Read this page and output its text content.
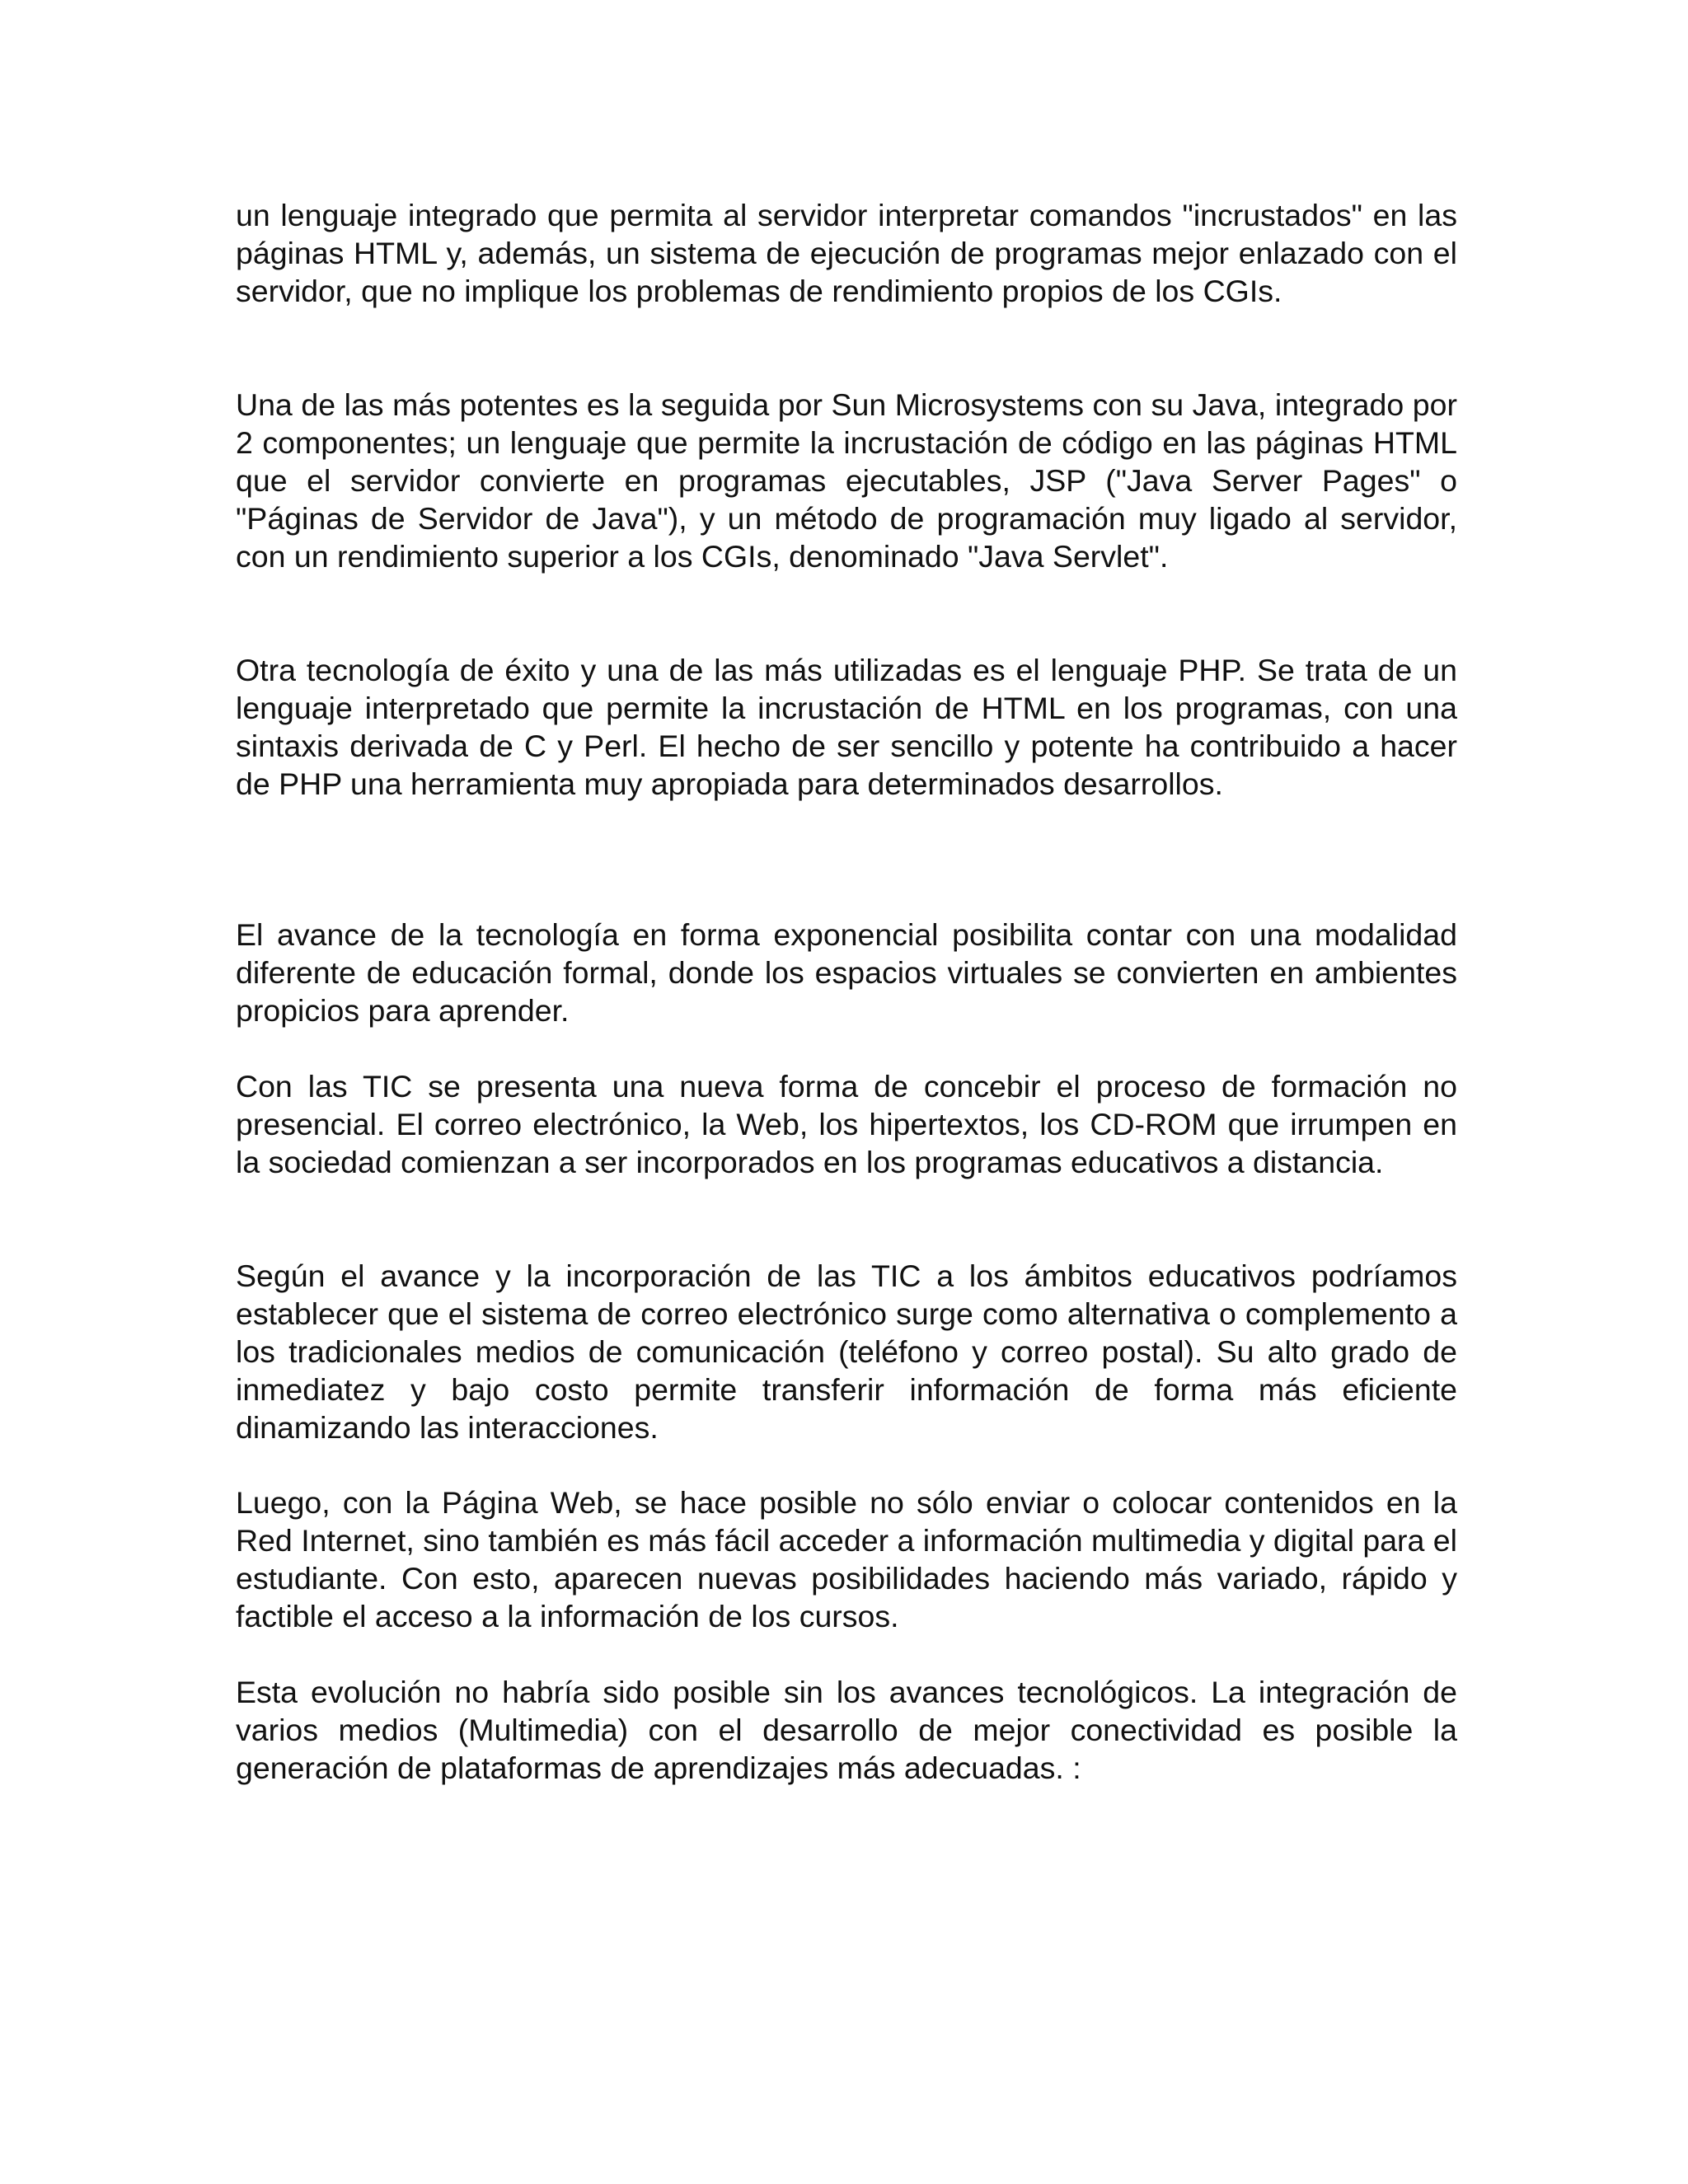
un lenguaje integrado que permita al servidor interpretar comandos "incrustados" en las páginas HTML y, además, un sistema de ejecución de programas mejor enlazado con el servidor, que no implique los problemas de rendimiento propios de los CGIs.

Una de las más potentes es la seguida por Sun Microsystems con su Java, integrado por 2 componentes; un lenguaje que permite la incrustación de código en las páginas HTML que el servidor convierte en programas ejecutables, JSP ("Java Server Pages" o "Páginas de Servidor de Java"), y un método de programación muy ligado al servidor, con un rendimiento superior a los CGIs, denominado "Java Servlet".

Otra tecnología de éxito y una de las más utilizadas es el lenguaje PHP. Se trata de un lenguaje interpretado que permite la incrustación de HTML en los programas, con una sintaxis derivada de C y Perl. El hecho de ser sencillo y potente ha contribuido a hacer de PHP una herramienta muy apropiada para determinados desarrollos.

El avance de la tecnología en forma exponencial posibilita contar con una modalidad diferente de educación formal, donde los espacios virtuales se convierten en ambientes propicios para aprender.

Con las TIC se presenta una nueva forma de concebir el proceso de formación no presencial. El correo electrónico, la Web, los hipertextos, los CD-ROM que irrumpen en la sociedad comienzan a ser incorporados en los programas educativos a distancia.

Según el avance y la incorporación de las TIC a los ámbitos educativos podríamos establecer que el sistema de correo electrónico surge como alternativa o complemento a los tradicionales medios de comunicación (teléfono y correo postal). Su alto grado de inmediatez y bajo costo permite transferir información de forma más eficiente dinamizando las interacciones.

Luego, con la Página Web, se hace posible no sólo enviar o colocar contenidos en la Red Internet, sino también es más fácil acceder a información multimedia y digital para el estudiante. Con esto, aparecen nuevas posibilidades haciendo más variado, rápido y factible el acceso a la información de los cursos.

Esta evolución no habría sido posible sin los avances tecnológicos. La integración de varios medios (Multimedia) con el desarrollo de mejor conectividad es posible la generación de plataformas de aprendizajes más adecuadas. :
